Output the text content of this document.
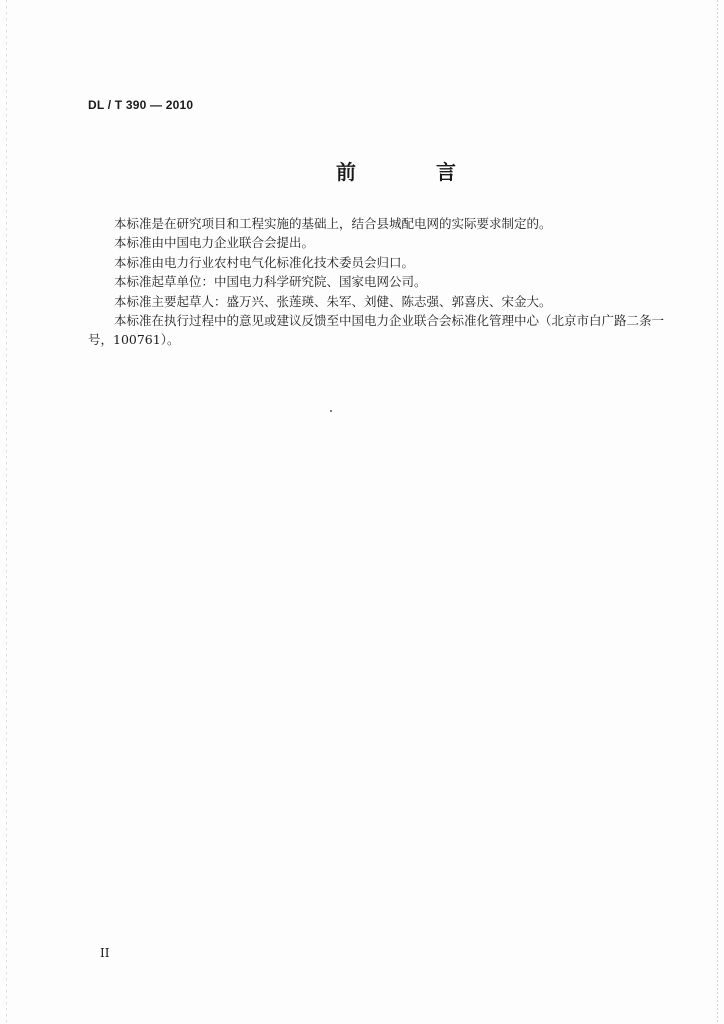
DL / T 390 — 2010
前　言

本标准是在研究项目和工程实施的基础上，结合县城配电网的实际要求制定的。

本标准由中国电力企业联合会提出。

本标准由电力行业农村电气化标准化技术委员会归口。

本标准起草单位：中国电力科学研究院、国家电网公司。

本标准主要起草人：盛万兴、张莲瑛、朱军、刘健、陈志强、郭喜庆、宋金大。

本标准在执行过程中的意见或建议反馈至中国电力企业联合会标准化管理中心（北京市白广路二条一号，100761）。

II
